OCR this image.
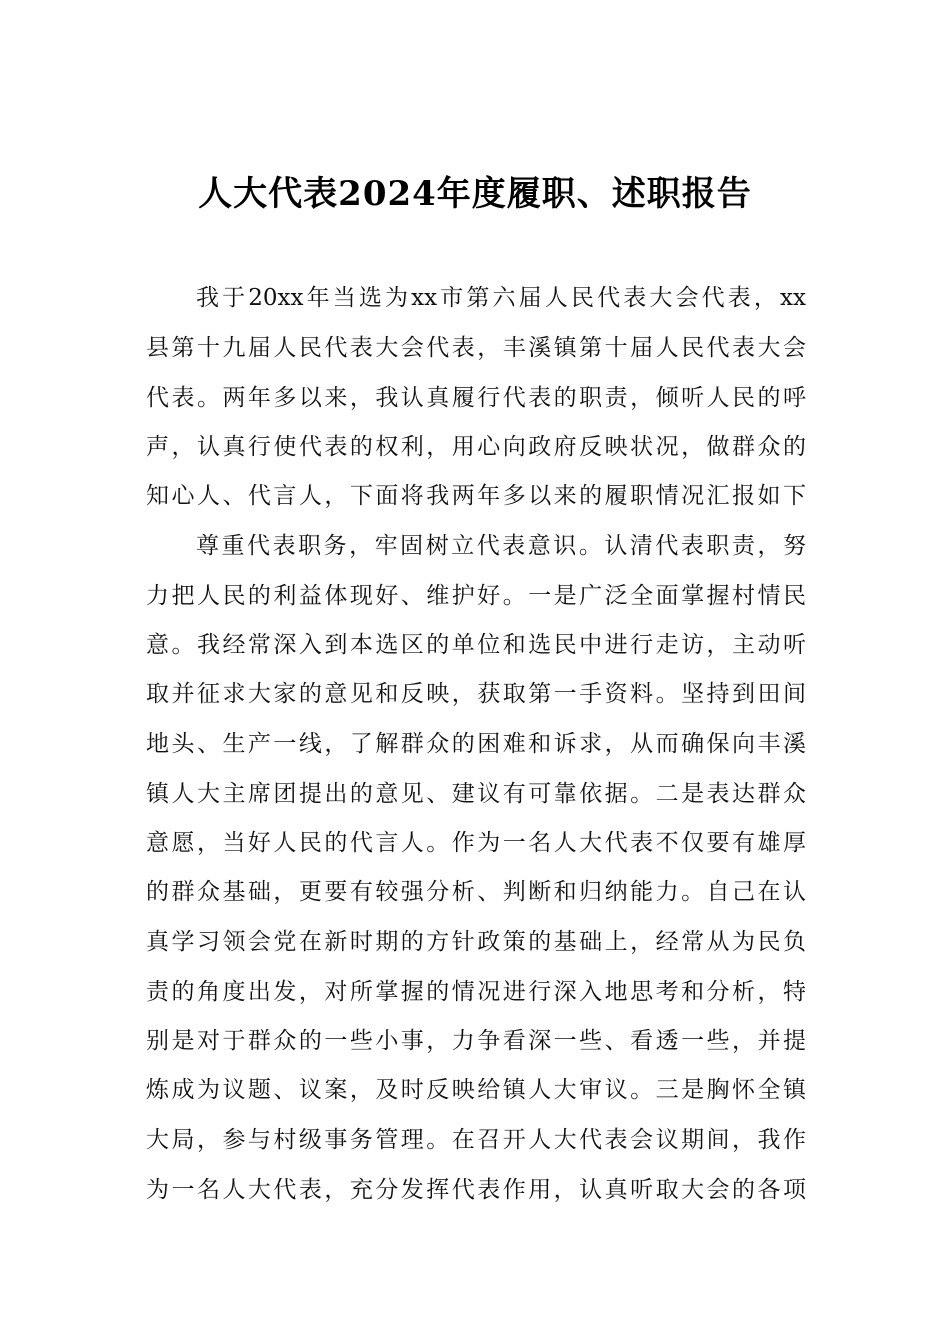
人大代表2024年度履职、述职报告

我于20xx年当选为xx市第六届人民代表大会代表，xx

县第十九届人民代表大会代表，丰溪镇第十届人民代表大会

代表。两年多以来，我认真履行代表的职责，倾听人民的呼

声，认真行使代表的权利，用心向政府反映状况，做群众的

知心人、代言人，下面将我两年多以来的履职情况汇报如下

尊重代表职务，牢固树立代表意识。认清代表职责，努

力把人民的利益体现好、维护好。一是广泛全面掌握村情民

意。我经常深入到本选区的单位和选民中进行走访，主动听

取并征求大家的意见和反映，获取第一手资料。坚持到田间

地头、生产一线，了解群众的困难和诉求，从而确保向丰溪

镇人大主席团提出的意见、建议有可靠依据。二是表达群众

意愿，当好人民的代言人。作为一名人大代表不仅要有雄厚

的群众基础，更要有较强分析、判断和归纳能力。自己在认

真学习领会党在新时期的方针政策的基础上，经常从为民负

责的角度出发，对所掌握的情况进行深入地思考和分析，特

别是对于群众的一些小事，力争看深一些、看透一些，并提

炼成为议题、议案，及时反映给镇人大审议。三是胸怀全镇

大局，参与村级事务管理。在召开人大代表会议期间，我作

为一名人大代表，充分发挥代表作用，认真听取大会的各项
